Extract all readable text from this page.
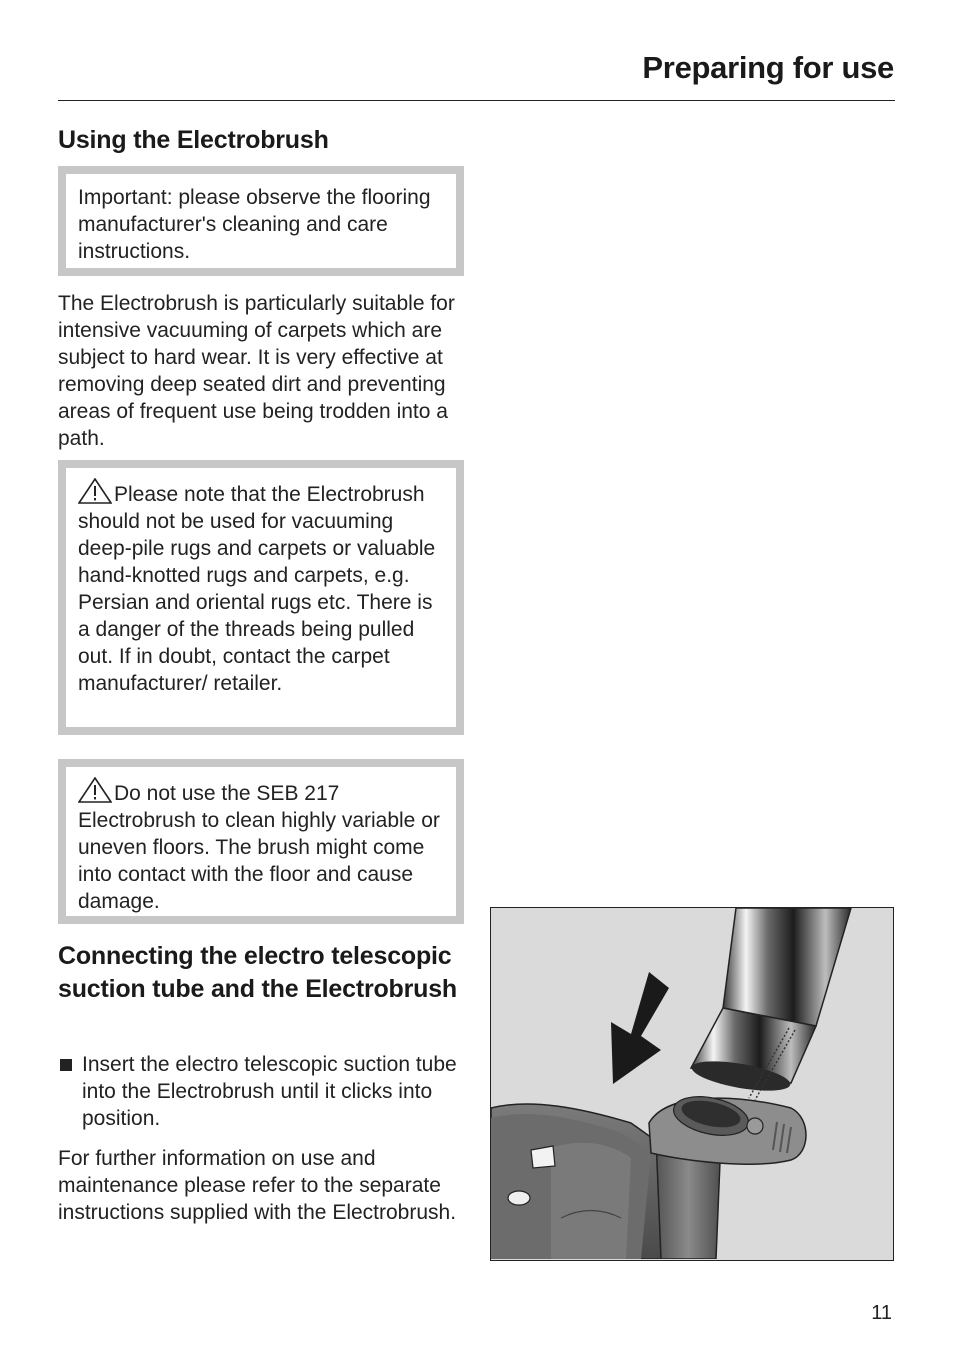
Preparing for use
Using the Electrobrush
Important: please observe the flooring manufacturer's cleaning and care instructions.

The Electrobrush is particularly suitable for intensive vacuuming of carpets which are subject to hard wear. It is very effective at removing deep seated dirt and preventing areas of frequent use being trodden into a path.

Please note that the Electrobrush should not be used for vacuuming deep-pile rugs and carpets or valuable hand-knotted rugs and carpets, e.g. Persian and oriental rugs etc. There is a danger of the threads being pulled out. If in doubt, contact the carpet manufacturer/ retailer.
Do not use the SEB 217 Electrobrush to clean highly variable or uneven floors. The brush might come into contact with the floor and cause damage.
Connecting the electro telescopic suction tube and the Electrobrush
Insert the electro telescopic suction tube into the Electrobrush until it clicks into position.

For further information on use and maintenance please refer to the separate instructions supplied with the Electrobrush.

11
